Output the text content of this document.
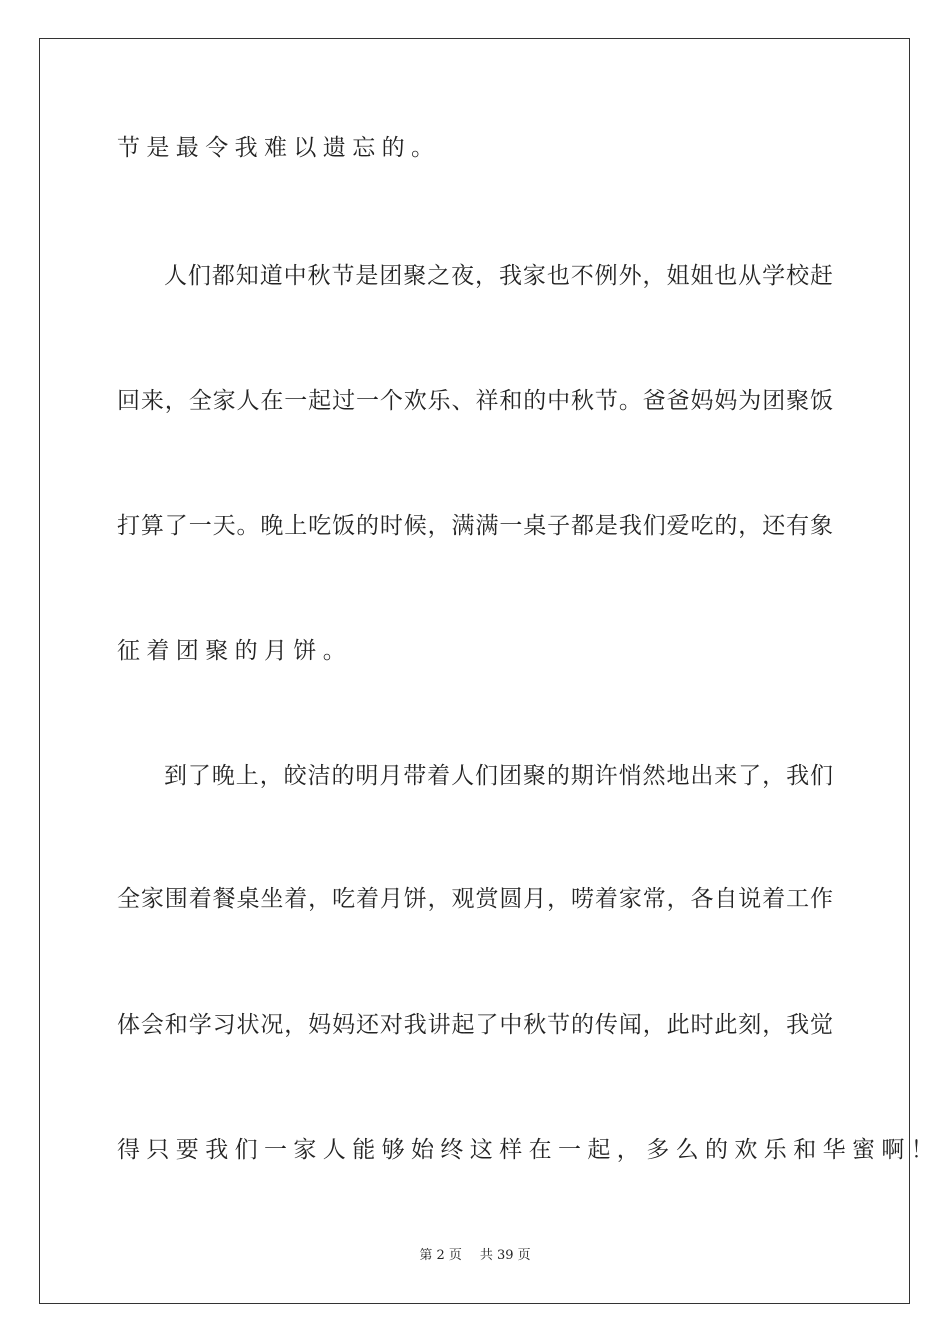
节是最令我难以遗忘的。
人们都知道中秋节是团聚之夜，我家也不例外，姐姐也从学校赶
回来，全家人在一起过一个欢乐、祥和的中秋节。爸爸妈妈为团聚饭
打算了一天。晚上吃饭的时候，满满一桌子都是我们爱吃的，还有象
征着团聚的月饼。
到了晚上，皎洁的明月带着人们团聚的期许悄然地出来了，我们
全家围着餐桌坐着，吃着月饼，观赏圆月，唠着家常，各自说着工作
体会和学习状况，妈妈还对我讲起了中秋节的传闻，此时此刻，我觉
得只要我们一家人能够始终这样在一起，多么的欢乐和华蜜啊！
第 2 页 共 39 页
